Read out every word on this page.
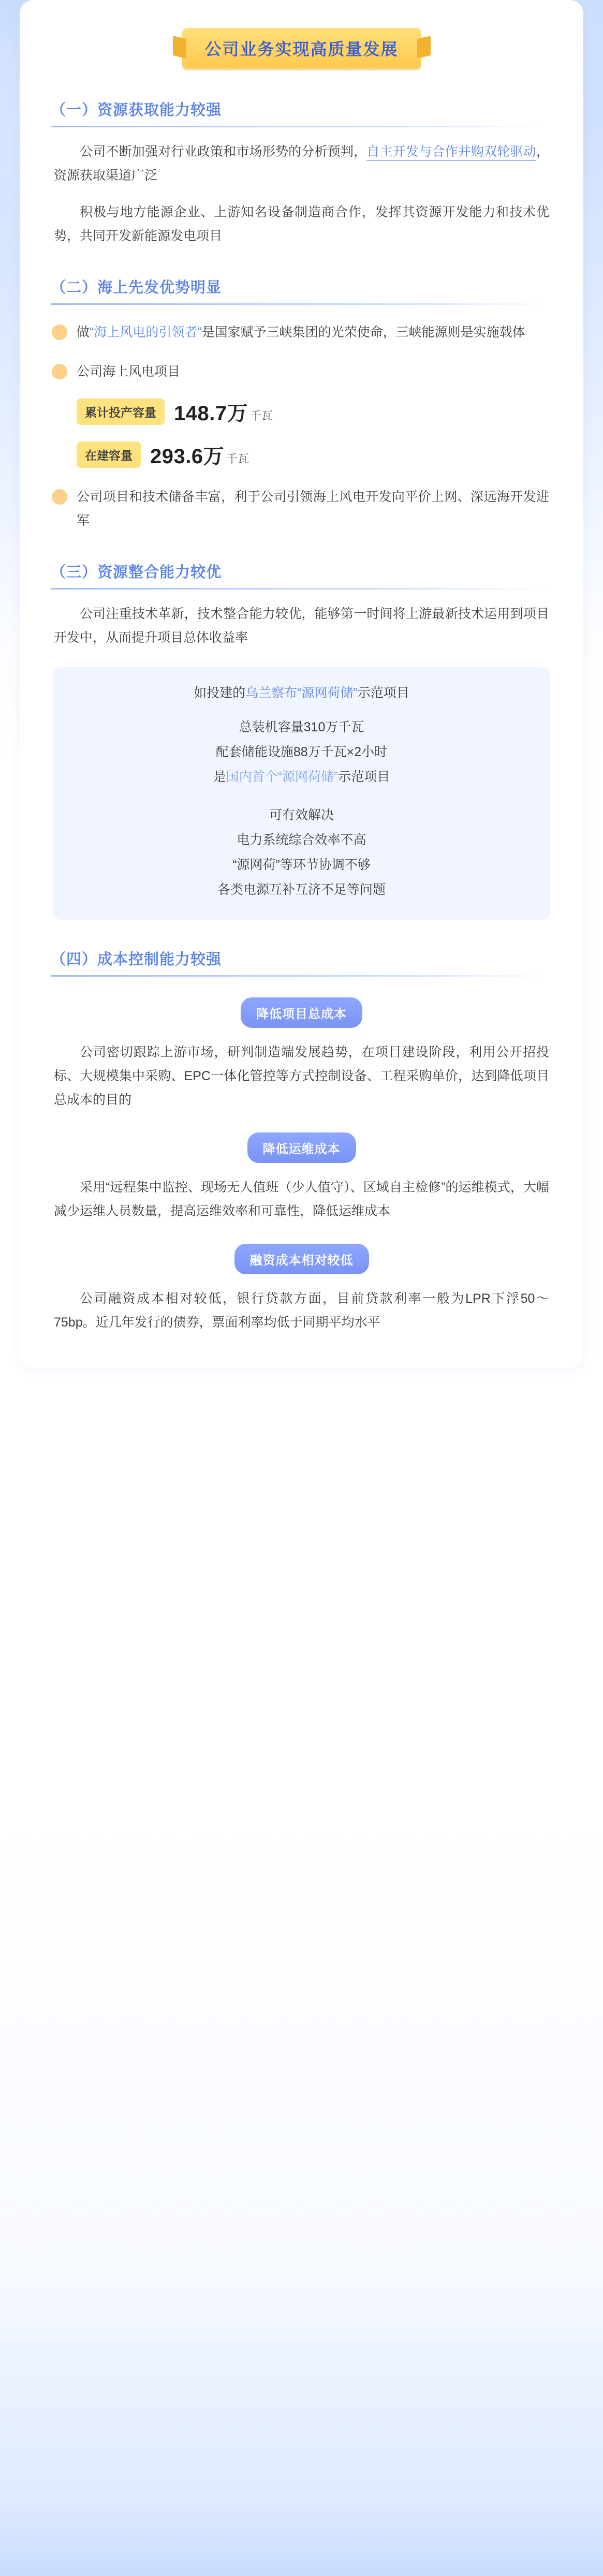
公司业务实现高质量发展
（一）资源获取能力较强

公司不断加强对行业政策和市场形势的分析预判，自主开发与合作并购双轮驱动，资源获取渠道广泛

积极与地方能源企业、上游知名设备制造商合作，发挥其资源开发能力和技术优势，共同开发新能源发电项目

（二）海上先发优势明显
做“海上风电的引领者”是国家赋予三峡集团的光荣使命，三峡能源则是实施载体
公司海上风电项目
累计投产容量 148.7万 千瓦
在建容量 293.6万 千瓦
公司项目和技术储备丰富，利于公司引领海上风电开发向平价上网、深远海开发进军
（三）资源整合能力较优

公司注重技术革新，技术整合能力较优，能够第一时间将上游最新技术运用到项目开发中，从而提升项目总体收益率

如投建的乌兰察布“源网荷储”示范项目
总装机容量310万千瓦
配套储能设施88万千瓦×2小时
是国内首个“源网荷储”示范项目
可有效解决
电力系统综合效率不高
“源网荷”等环节协调不够
各类电源互补互济不足等问题
（四）成本控制能力较强
降低项目总成本

公司密切跟踪上游市场，研判制造端发展趋势，在项目建设阶段，利用公开招投标、大规模集中采购、EPC一体化管控等方式控制设备、工程采购单价，达到降低项目总成本的目的

降低运维成本

采用“远程集中监控、现场无人值班（少人值守）、区域自主检修”的运维模式，大幅减少运维人员数量，提高运维效率和可靠性，降低运维成本

融资成本相对较低

公司融资成本相对较低，银行贷款方面，目前贷款利率一般为LPR下浮50～75bp。近几年发行的债券，票面利率均低于同期平均水平
